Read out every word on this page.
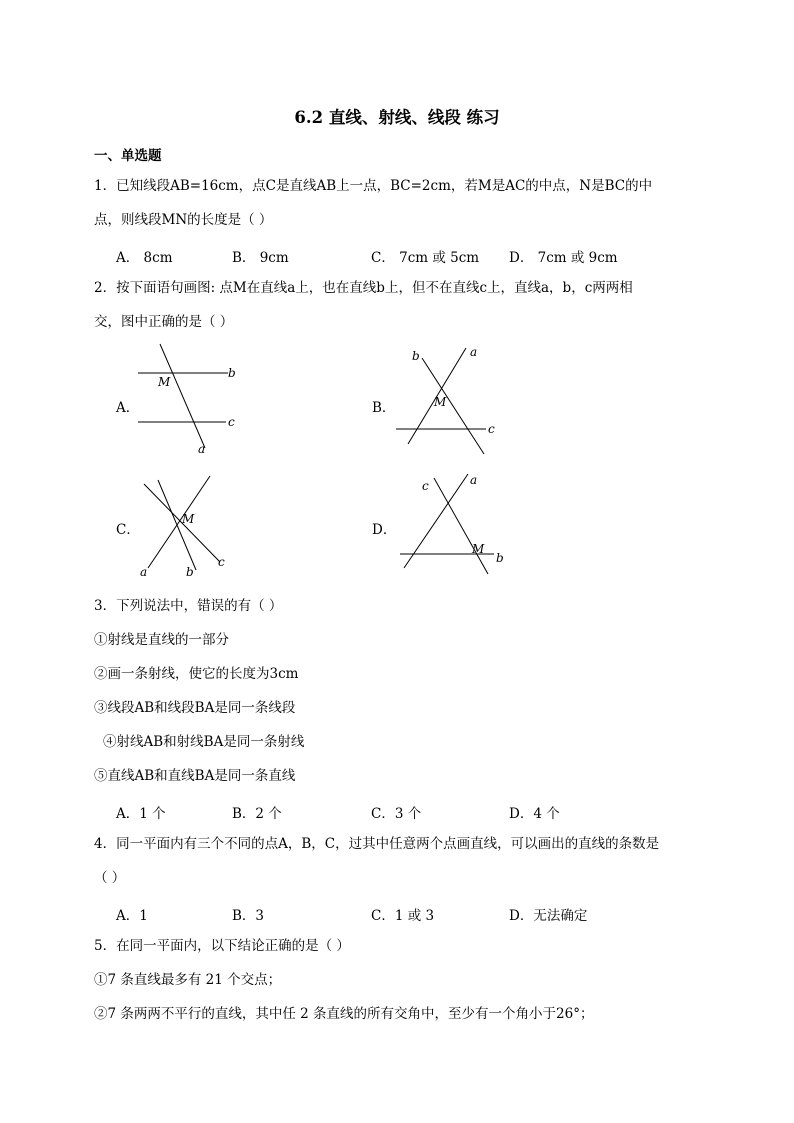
6.2 直线、射线、线段 练习
一、单选题
1．已知线段AB=16cm，点C是直线AB上一点，BC=2cm，若M是AC的中点，N是BC的中
点，则线段MN的长度是（ ）
A． 8cm	B． 9cm	C． 7cm 或 5cm D． 7cm 或 9cm
2．按下面语句画图: 点M在直线a上，也在直线b上，但不在直线c上，直线a，b，c两两相
交，图中正确的是（ ）
A．
M
b
c
a
B．	M
b	a
c
C．
M
a	b
c
D．
M
c	a
b
3．下列说法中，错误的有（ ）
①射线是直线的一部分
②画一条射线，使它的长度为3cm
③线段AB和线段BA是同一条线段
④射线AB和射线BA是同一条射线
⑤直线AB和直线BA是同一条直线
A．1 个	B．2 个	C．3 个	D．4 个
4．同一平面内有三个不同的点A，B，C，过其中任意两个点画直线，可以画出的直线的条数是
（ ）
A．1	B．3	C．1 或 3	D．无法确定
5．在同一平面内，以下结论正确的是（ ）
①7 条直线最多有 21 个交点；
②7 条两两不平行的直线，其中任 2 条直线的所有交角中，至少有一个角小于26°；
